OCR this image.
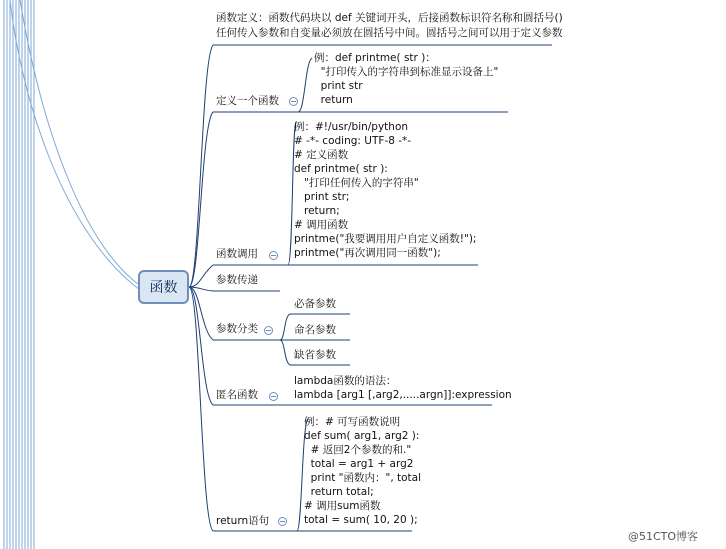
函数
函数定义：函数代码块以 def 关键词开头，后接函数标识符名称和圆括号()
任何传入参数和自变量必须放在圆括号中间。圆括号之间可以用于定义参数
定义一个函数
例：def printme( str )：
"打印传入的字符串到标准显示设备上"
print str
return
函数调用
例：#!/usr/bin/python
# -*- coding: UTF-8 -*-
# 定义函数
def printme( str ):
"打印任何传入的字符串"
print str;
return;
# 调用函数
printme("我要调用用户自定义函数!");
printme("再次调用同一函数");
参数传递
参数分类
必备参数
命名参数
缺省参数
匿名函数
lambda函数的语法：
lambda [arg1 [,arg2,.....argn]]:expression
return语句
例：# 可写函数说明
def sum( arg1, arg2 ):
# 返回2个参数的和."
total = arg1 + arg2
print "函数内：", total
return total;
# 调用sum函数
total = sum( 10, 20 );
@51CTO博客
